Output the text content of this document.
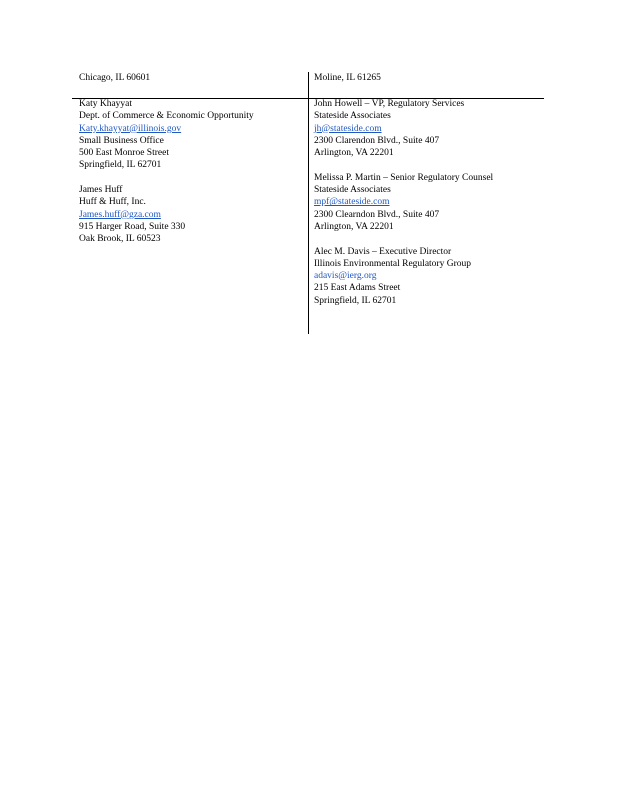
Chicago, IL 60601	Moline, IL 61265
Katy Khayyat
Dept. of Commerce & Economic Opportunity
Katy.khayyat@illinois.gov
Small Business Office
500 East Monroe Street
Springfield, IL 62701
James Huff
Huff & Huff, Inc.
James.huff@gza.com
915 Harger Road, Suite 330
Oak Brook, IL 60523
John Howell – VP, Regulatory Services
Stateside Associates
jh@stateside.com
2300 Clarendon Blvd., Suite 407
Arlington, VA 22201
Melissa P. Martin – Senior Regulatory Counsel
Stateside Associates
mpf@stateside.com
2300 Clearndon Blvd., Suite 407
Arlington, VA 22201
Alec M. Davis – Executive Director
Illinois Environmental Regulatory Group
adavis@ierg.org
215 East Adams Street
Springfield, IL 62701
